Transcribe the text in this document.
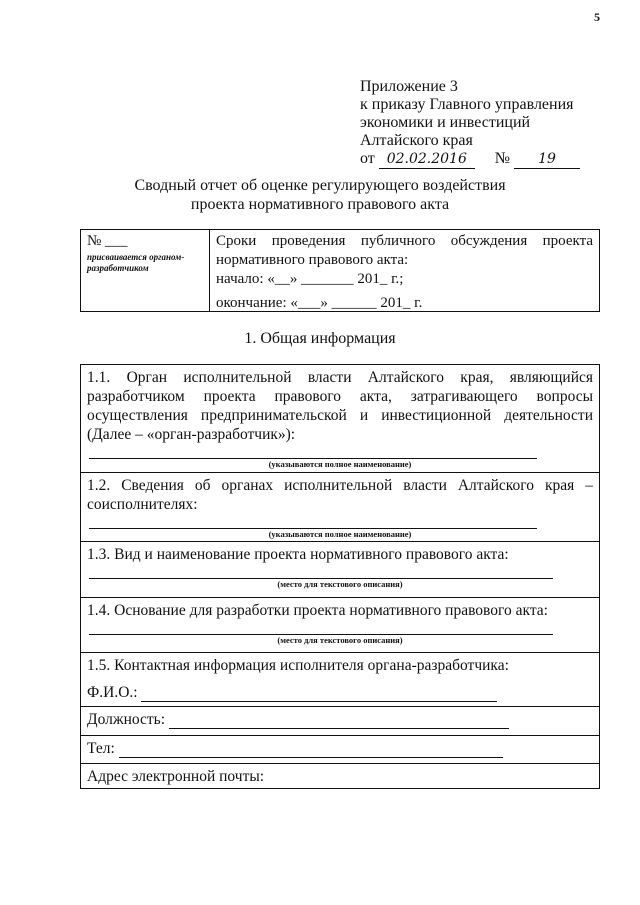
5
Приложение 3
к приказу Главного управления
экономики и инвестиций
Алтайского края
от 02.02.2016 № 19
Сводный отчет об оценке регулирующего воздействия
проекта нормативного правового акта
№ ___
присваивается органом-разработчиком
Сроки проведения публичного обсуждения проекта нормативного правового акта:
начало: «__» _______ 201_ г.;
окончание: «___» ______ 201_ г.
1. Общая информация
1.1. Орган исполнительной власти Алтайского края, являющийся разработчиком проекта правового акта, затрагивающего вопросы осуществления предпринимательской и инвестиционной деятельности (Далее – «орган-разработчик»):
(указываются полное наименование)
1.2. Сведения об органах исполнительной власти Алтайского края – соисполнителях:
(указываются полное наименование)
1.3. Вид и наименование проекта нормативного правового акта:
(место для текстового описания)
1.4. Основание для разработки проекта нормативного правового акта:
(место для текстового описания)
1.5. Контактная информация исполнителя органа-разработчика:
Ф.И.О.:
Должность:
Тел:
Адрес электронной почты:
